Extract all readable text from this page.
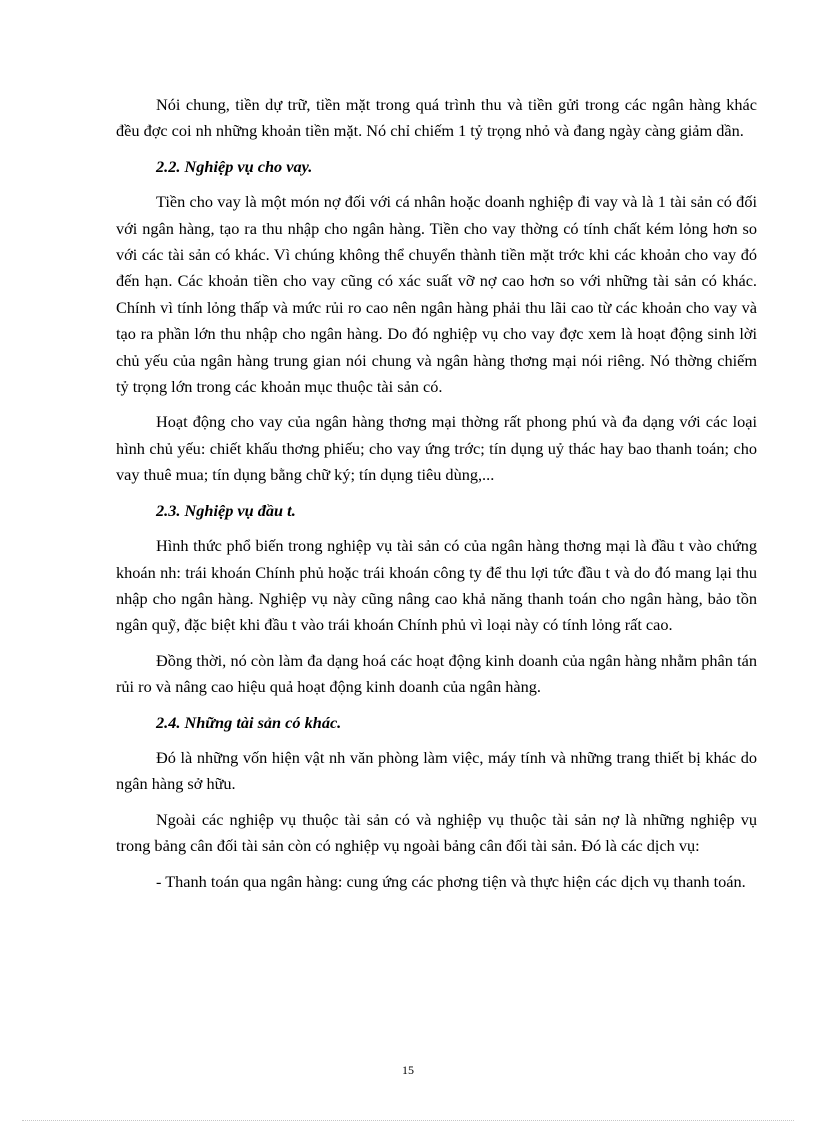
Nói chung, tiền dự trữ, tiền mặt trong quá trình thu và tiền gửi trong các ngân hàng khác đều đợc coi nh những khoản tiền mặt. Nó chỉ chiếm 1 tỷ trọng nhỏ và đang ngày càng giảm dần.

2.2. Nghiệp vụ cho vay.

Tiền cho vay là một món nợ đối với cá nhân hoặc doanh nghiệp đi vay và là 1 tài sản có đối với ngân hàng, tạo ra thu nhập cho ngân hàng. Tiền cho vay thờng có tính chất kém lỏng hơn so với các tài sản có khác. Vì chúng không thể chuyển thành tiền mặt trớc khi các khoản cho vay đó đến hạn. Các khoản tiền cho vay cũng có xác suất vỡ nợ cao hơn so với những tài sản có khác. Chính vì tính lỏng thấp và mức rủi ro cao nên ngân hàng phải thu lãi cao từ các khoản cho vay và tạo ra phần lớn thu nhập cho ngân hàng. Do đó nghiệp vụ cho vay đợc xem là hoạt động sinh lời chủ yếu của ngân hàng trung gian nói chung và ngân hàng thơng mại nói riêng. Nó thờng chiếm tỷ trọng lớn trong các khoản mục thuộc tài sản có.

Hoạt động cho vay của ngân hàng thơng mại thờng rất phong phú và đa dạng với các loại hình chủ yếu: chiết khấu thơng phiếu; cho vay ứng trớc; tín dụng uỷ thác hay bao thanh toán; cho vay thuê mua; tín dụng bằng chữ ký; tín dụng tiêu dùng,...

2.3. Nghiệp vụ đầu t.

Hình thức phổ biến trong nghiệp vụ tài sản có của ngân hàng thơng mại là đầu t vào chứng khoán nh: trái khoán Chính phủ hoặc trái khoán công ty để thu lợi tức đầu t và do đó mang lại thu nhập cho ngân hàng. Nghiệp vụ này cũng nâng cao khả năng thanh toán cho ngân hàng, bảo tồn ngân quỹ, đặc biệt khi đầu t vào trái khoán Chính phủ vì loại này có tính lỏng rất cao.

Đồng thời, nó còn làm đa dạng hoá các hoạt động kinh doanh của ngân hàng nhằm phân tán rủi ro và nâng cao hiệu quả hoạt động kinh doanh của ngân hàng.

2.4. Những tài sản có khác.

Đó là những vốn hiện vật nh văn phòng làm việc, máy tính và những trang thiết bị khác do ngân hàng sở hữu.

Ngoài các nghiệp vụ thuộc tài sản có và nghiệp vụ thuộc tài sản nợ là những nghiệp vụ trong bảng cân đối tài sản còn có nghiệp vụ ngoài bảng cân đối tài sản. Đó là các dịch vụ:

- Thanh toán qua ngân hàng: cung ứng các phơng tiện và thực hiện các dịch vụ thanh toán.

15
